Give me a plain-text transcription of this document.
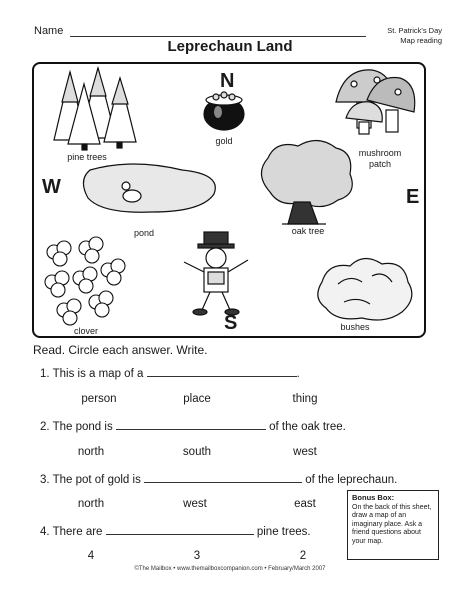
Name	St. Patrick's Day
Map reading
Leprechaun Land
N
S
E
W
pine trees
gold
mushroom
patch
pond	oak tree
clover	bushes
Read. Circle each answer. Write.
1. This is a map of a	.
person	place	thing
2. The pond is	of the oak tree.
north	south	west
3. The pot of gold is	of the leprechaun.
north	west	east
4. There are	pine trees.
4	3	2
Bonus Box:
On the back of this sheet, draw a map of an imaginary place. Ask a friend questions about your map.
©The Mailbox • www.themailboxcompanion.com • February/March 2007
